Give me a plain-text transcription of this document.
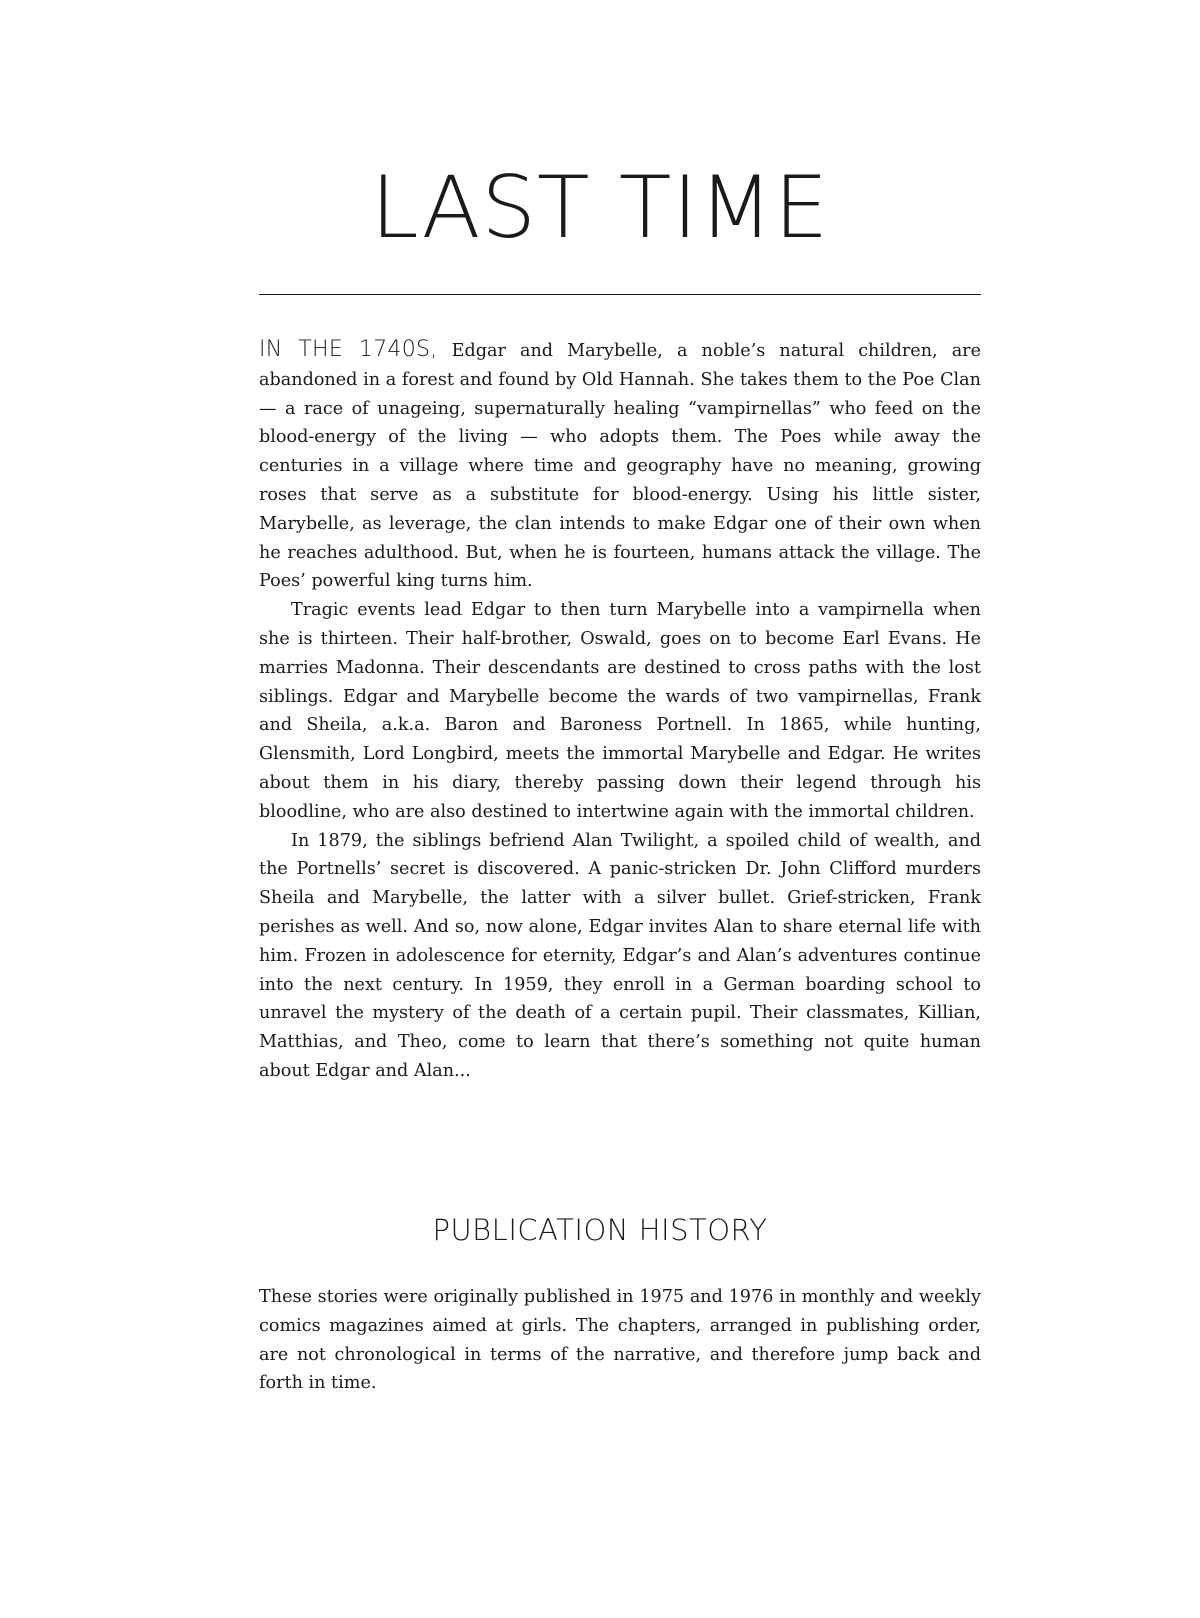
LAST TIME

IN THE 1740S, Edgar and Marybelle, a noble’s natural children, are abandoned in a forest and found by Old Hannah. She takes them to the Poe Clan — a race of unageing, supernaturally healing “vampirnellas” who feed on the blood-energy of the living — who adopts them. The Poes while away the centuries in a village where time and geography have no meaning, growing roses that serve as a substitute for blood-energy. Using his little sister, Marybelle, as leverage, the clan intends to make Edgar one of their own when he reaches adulthood. But, when he is fourteen, humans attack the village. The Poes’ powerful king turns him.

Tragic events lead Edgar to then turn Marybelle into a vampirnella when she is thirteen. Their half-brother, Oswald, goes on to become Earl Evans. He marries Madonna. Their descendants are destined to cross paths with the lost siblings. Edgar and Marybelle become the wards of two vampirnellas, Frank and Sheila, a.k.a. Baron and Baroness Portnell. In 1865, while hunting, Glensmith, Lord Longbird, meets the immortal Marybelle and Edgar. He writes about them in his diary, thereby passing down their legend through his bloodline, who are also destined to intertwine again with the immortal children.

In 1879, the siblings befriend Alan Twilight, a spoiled child of wealth, and the Portnells’ secret is discovered. A panic-stricken Dr. John Clifford murders Sheila and Marybelle, the latter with a silver bullet. Grief-stricken, Frank perishes as well. And so, now alone, Edgar invites Alan to share eternal life with him. Frozen in adolescence for eternity, Edgar’s and Alan’s adventures continue into the next century. In 1959, they enroll in a German boarding school to unravel the mystery of the death of a certain pupil. Their classmates, Killian, Matthias, and Theo, come to learn that there’s something not quite human about Edgar and Alan...

PUBLICATION HISTORY

These stories were originally published in 1975 and 1976 in monthly and weekly comics magazines aimed at girls. The chapters, arranged in publishing order, are not chronological in terms of the narrative, and therefore jump back and forth in time.
